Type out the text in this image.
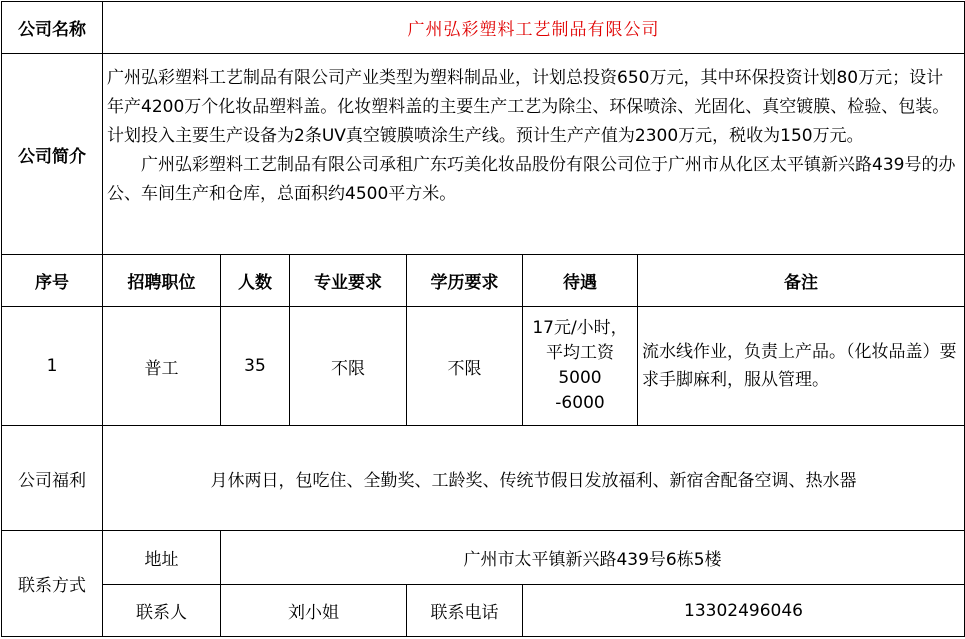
公司名称	广州弘彩塑料工艺制品有限公司					
公司简介	广州弘彩塑料工艺制品有限公司产业类型为塑料制品业，计划总投资650万元，其中环保投资计划80万元；设计年产4200万个化妆品塑料盖。化妆塑料盖的主要生产工艺为除尘、环保喷涂、光固化、真空镀膜、检验、包装。计划投入主要生产设备为2条UV真空镀膜喷涂生产线。预计生产产值为2300万元，税收为150万元。

广州弘彩塑料工艺制品有限公司承租广东巧美化妆品股份有限公司位于广州市从化区太平镇新兴路439号的办公、车间生产和仓库，总面积约4500平方米。					

序号	招聘职位	人数	专业要求	学历要求	待遇	备注
1	普工	35	不限	不限	17元/小时，
平均工资
5000
-6000	流水线作业，负责上产品。（化妆品盖）要求手脚麻利，服从管理。
公司福利	月休两日，包吃住、全勤奖、工龄奖、传统节假日发放福利、新宿舍配备空调、热水器					
联系方式	地址	广州市太平镇新兴路439号6栋5楼				
	联系人	刘小姐		联系电话	13302496046	
